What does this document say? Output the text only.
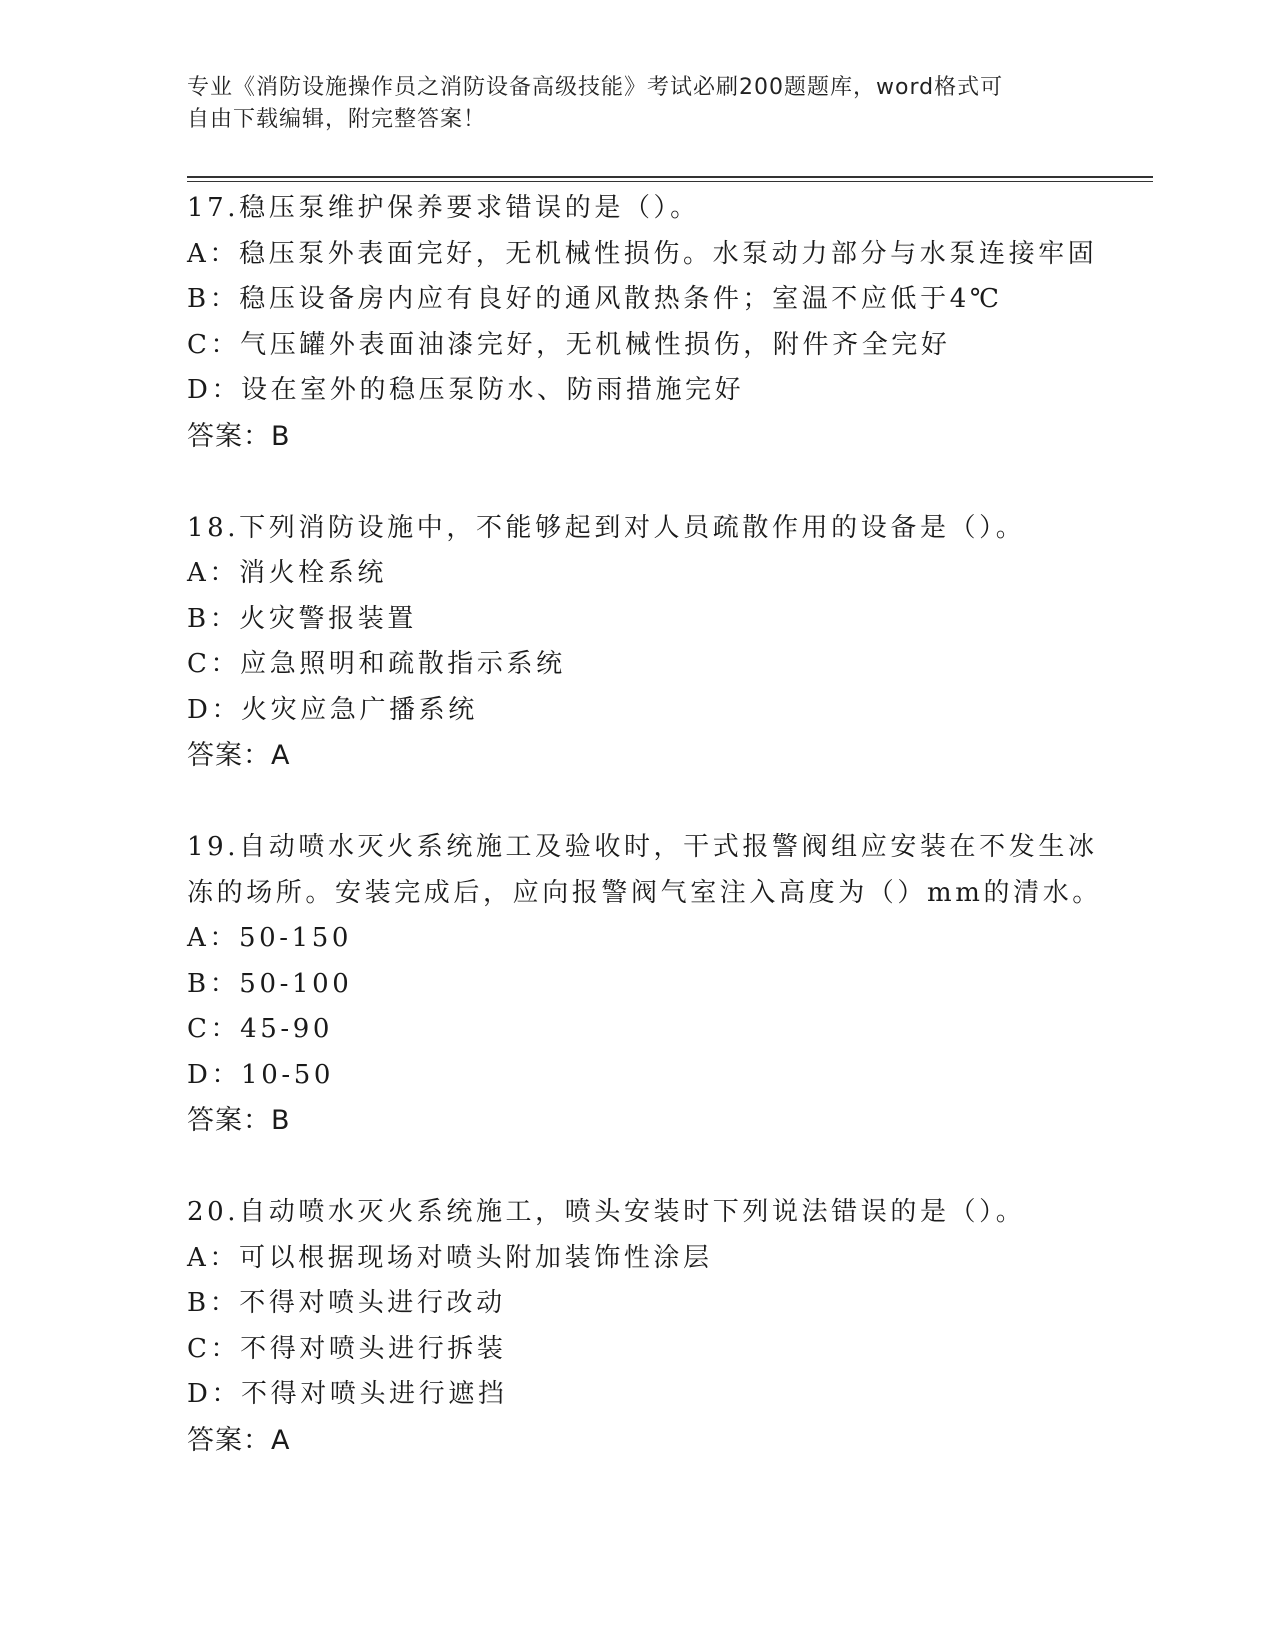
专业《消防设施操作员之消防设备高级技能》考试必刷200题题库，word格式可
自由下载编辑，附完整答案！
17.稳压泵维护保养要求错误的是（）。
A：稳压泵外表面完好，无机械性损伤。水泵动力部分与水泵连接牢固
B：稳压设备房内应有良好的通风散热条件；室温不应低于4℃
C：气压罐外表面油漆完好，无机械性损伤，附件齐全完好
D：设在室外的稳压泵防水、防雨措施完好
答案：B
18.下列消防设施中，不能够起到对人员疏散作用的设备是（）。
A：消火栓系统
B：火灾警报装置
C：应急照明和疏散指示系统
D：火灾应急广播系统
答案：A
19.自动喷水灭火系统施工及验收时，干式报警阀组应安装在不发生冰
冻的场所。安装完成后，应向报警阀气室注入高度为（）mm的清水。
A：50-150
B：50-100
C：45-90
D：10-50
答案：B
20.自动喷水灭火系统施工，喷头安装时下列说法错误的是（）。
A：可以根据现场对喷头附加装饰性涂层
B：不得对喷头进行改动
C：不得对喷头进行拆装
D：不得对喷头进行遮挡
答案：A
